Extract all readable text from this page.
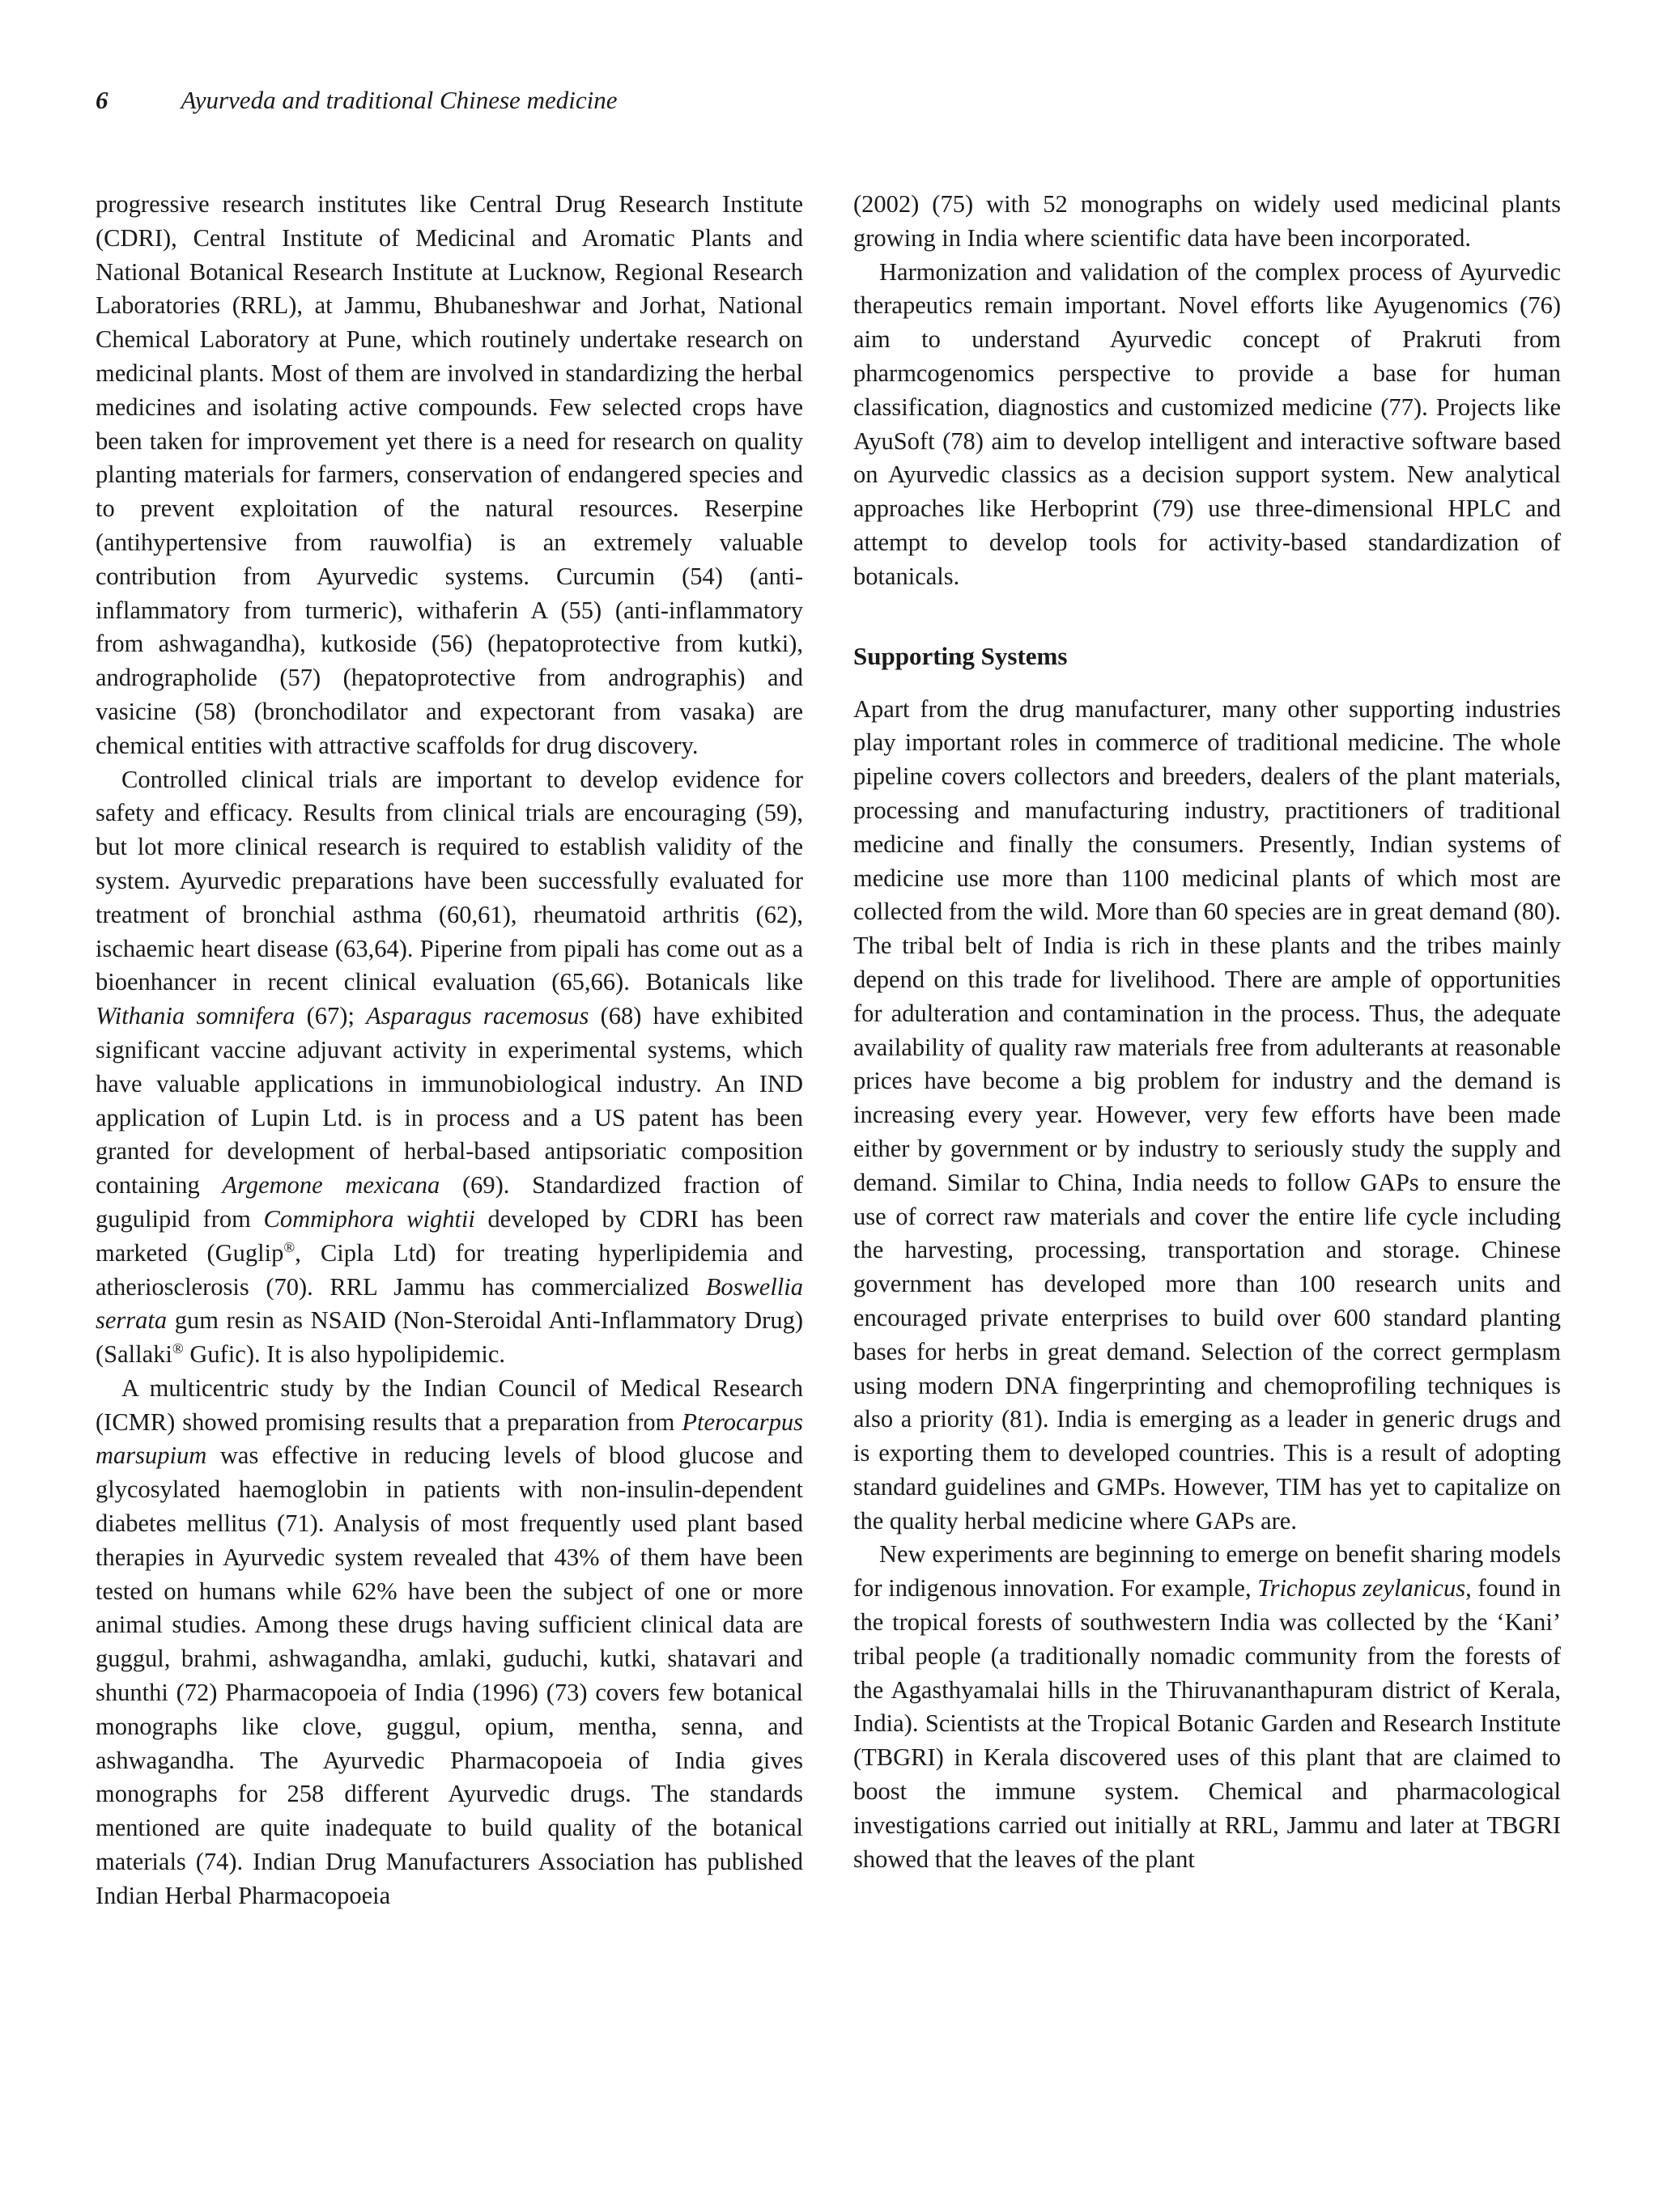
6	Ayurveda and traditional Chinese medicine

progressive research institutes like Central Drug Research Institute (CDRI), Central Institute of Medicinal and Aromatic Plants and National Botanical Research Institute at Lucknow, Regional Research Laboratories (RRL), at Jammu, Bhubaneshwar and Jorhat, National Chemical Laboratory at Pune, which routinely undertake research on medicinal plants. Most of them are involved in standardizing the herbal medicines and isolating active compounds. Few selected crops have been taken for improvement yet there is a need for research on quality planting materials for farmers, conservation of endangered species and to prevent exploitation of the natural resources. Reserpine (antihypertensive from rauwolfia) is an extremely valuable contribution from Ayurvedic systems. Curcumin (54) (anti-inflammatory from turmeric), withaferin A (55) (anti-inflammatory from ashwagandha), kutkoside (56) (hepatoprotective from kutki), andrographolide (57) (hepatoprotective from andrographis) and vasicine (58) (bronchodilator and expectorant from vasaka) are chemical entities with attractive scaffolds for drug discovery.

Controlled clinical trials are important to develop evidence for safety and efficacy. Results from clinical trials are encouraging (59), but lot more clinical research is required to establish validity of the system. Ayurvedic preparations have been successfully evaluated for treatment of bronchial asthma (60,61), rheumatoid arthritis (62), ischaemic heart disease (63,64). Piperine from pipali has come out as a bioenhancer in recent clinical evaluation (65,66). Botanicals like Withania somnifera (67); Asparagus racemosus (68) have exhibited significant vaccine adjuvant activity in experimental systems, which have valuable applications in immunobiological industry. An IND application of Lupin Ltd. is in process and a US patent has been granted for development of herbal-based antipsoriatic composition containing Argemone mexicana (69). Standardized fraction of gugulipid from Commiphora wightii developed by CDRI has been marketed (Guglip®, Cipla Ltd) for treating hyperlipidemia and atheriosclerosis (70). RRL Jammu has commercialized Boswellia serrata gum resin as NSAID (Non-Steroidal Anti-Inflammatory Drug) (Sallaki® Gufic). It is also hypolipidemic.

A multicentric study by the Indian Council of Medical Research (ICMR) showed promising results that a preparation from Pterocarpus marsupium was effective in reducing levels of blood glucose and glycosylated haemoglobin in patients with non-insulin-dependent diabetes mellitus (71). Analysis of most frequently used plant based therapies in Ayurvedic system revealed that 43% of them have been tested on humans while 62% have been the subject of one or more animal studies. Among these drugs having sufficient clinical data are guggul, brahmi, ashwagandha, amlaki, guduchi, kutki, shatavari and shunthi (72) Pharmacopoeia of India (1996) (73) covers few botanical monographs like clove, guggul, opium, mentha, senna, and ashwagandha. The Ayurvedic Pharmacopoeia of India gives monographs for 258 different Ayurvedic drugs. The standards mentioned are quite inadequate to build quality of the botanical materials (74). Indian Drug Manufacturers Association has published Indian Herbal Pharmacopoeia

(2002) (75) with 52 monographs on widely used medicinal plants growing in India where scientific data have been incorporated.

Harmonization and validation of the complex process of Ayurvedic therapeutics remain important. Novel efforts like Ayugenomics (76) aim to understand Ayurvedic concept of Prakruti from pharmcogenomics perspective to provide a base for human classification, diagnostics and customized medicine (77). Projects like AyuSoft (78) aim to develop intelligent and interactive software based on Ayurvedic classics as a decision support system. New analytical approaches like Herboprint (79) use three-dimensional HPLC and attempt to develop tools for activity-based standardization of botanicals.

Supporting Systems

Apart from the drug manufacturer, many other supporting industries play important roles in commerce of traditional medicine. The whole pipeline covers collectors and breeders, dealers of the plant materials, processing and manufacturing industry, practitioners of traditional medicine and finally the consumers. Presently, Indian systems of medicine use more than 1100 medicinal plants of which most are collected from the wild. More than 60 species are in great demand (80). The tribal belt of India is rich in these plants and the tribes mainly depend on this trade for livelihood. There are ample of opportunities for adulteration and contamination in the process. Thus, the adequate availability of quality raw materials free from adulterants at reasonable prices have become a big problem for industry and the demand is increasing every year. However, very few efforts have been made either by government or by industry to seriously study the supply and demand. Similar to China, India needs to follow GAPs to ensure the use of correct raw materials and cover the entire life cycle including the harvesting, processing, transportation and storage. Chinese government has developed more than 100 research units and encouraged private enterprises to build over 600 standard planting bases for herbs in great demand. Selection of the correct germplasm using modern DNA fingerprinting and chemoprofiling techniques is also a priority (81). India is emerging as a leader in generic drugs and is exporting them to developed countries. This is a result of adopting standard guidelines and GMPs. However, TIM has yet to capitalize on the quality herbal medicine where GAPs are.

New experiments are beginning to emerge on benefit sharing models for indigenous innovation. For example, Trichopus zeylanicus, found in the tropical forests of southwestern India was collected by the ‘Kani’ tribal people (a traditionally nomadic community from the forests of the Agasthyamalai hills in the Thiruvananthapuram district of Kerala, India). Scientists at the Tropical Botanic Garden and Research Institute (TBGRI) in Kerala discovered uses of this plant that are claimed to boost the immune system. Chemical and pharmacological investigations carried out initially at RRL, Jammu and later at TBGRI showed that the leaves of the plant
